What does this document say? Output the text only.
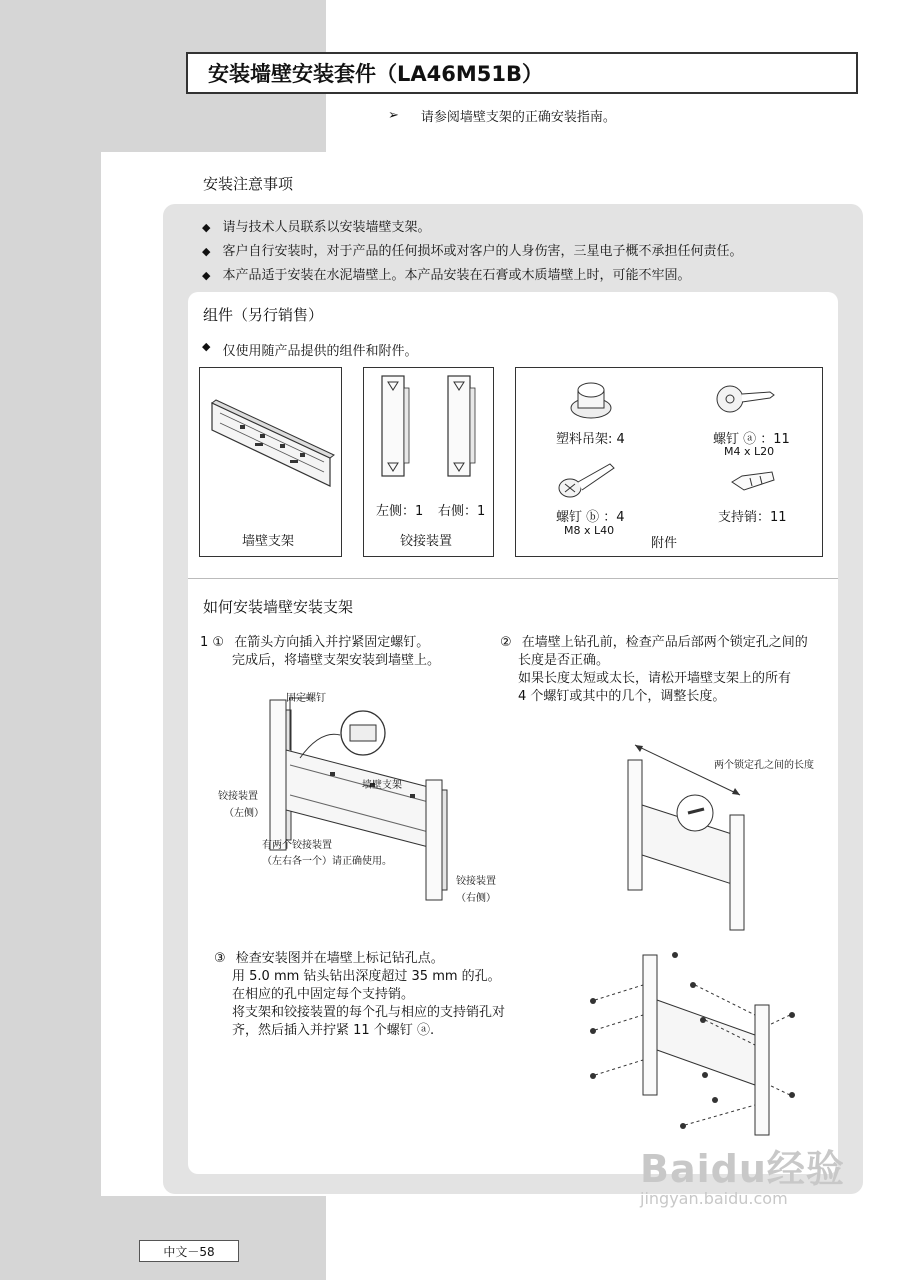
安装墙壁安装套件（LA46M51B）
➢ 请参阅墙壁支架的正确安装指南。
安装注意事项
◆ 请与技术人员联系以安装墙壁支架。
◆ 客户自行安装时，对于产品的任何损坏或对客户的人身伤害，三星电子概不承担任何责任。
◆ 本产品适于安装在水泥墙壁上。本产品安装在石膏或木质墙壁上时，可能不牢固。
组件（另行销售）
◆ 仅使用随产品提供的组件和附件。
墙壁支架
左侧：1 右侧：1
铰接装置
塑料吊架: 4	螺钉 ⓐ ：11
M4 x L20
螺钉 ⓑ ：4
M8 x L40
支持销：11
附件
如何安装墙壁安装支架
1 ① 在箭头方向插入并拧紧固定螺钉。
完成后，将墙壁支架安装到墙壁上。
② 在墙壁上钻孔前，检查产品后部两个锁定孔之间的
长度是否正确。
如果长度太短或太长，请松开墙壁支架上的所有
4 个螺钉或其中的几个，调整长度。
固定螺钉
墙壁支架
铰接装置
（左侧）
有两个铰接装置
（左右各一个）请正确使用。
铰接装置
（右侧）
两个锁定孔之间的长度
③ 检查安装图并在墙壁上标记钻孔点。
用 5.0 mm 钻头钻出深度超过 35 mm 的孔。
在相应的孔中固定每个支持销。
将支架和铰接装置的每个孔与相应的支持销孔对
齐，然后插入并拧紧 11 个螺钉 ⓐ.
中文－58
Baidu经验
jingyan.baidu.com
